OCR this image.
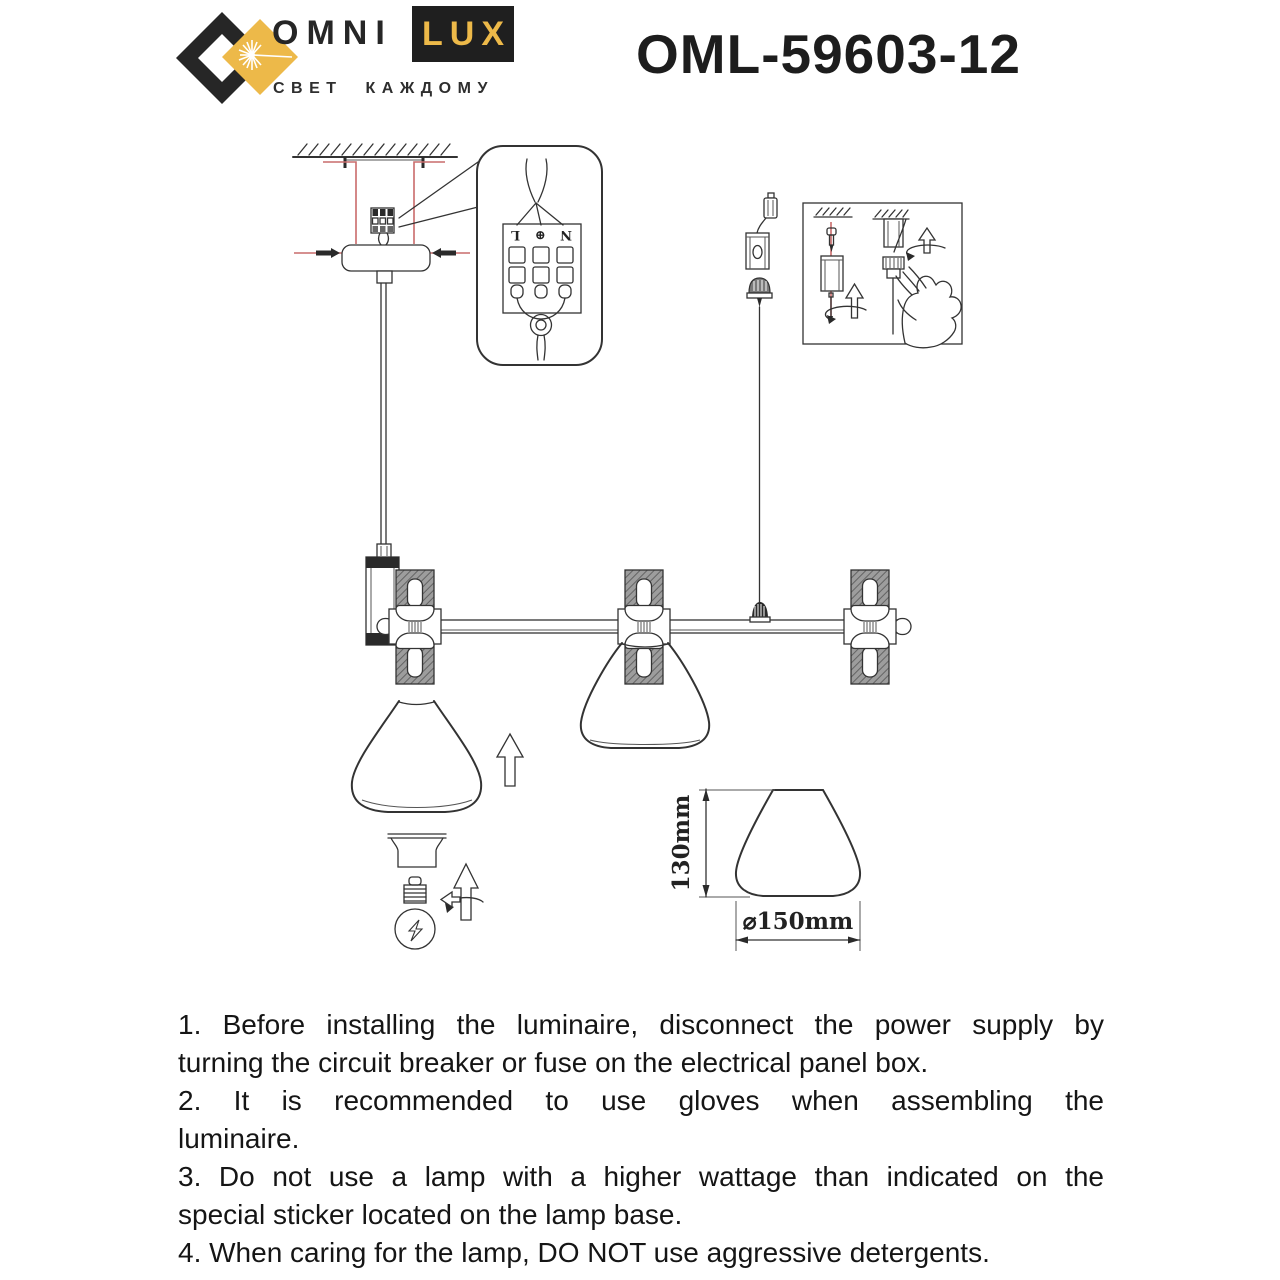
OMNI LUX
СВЕТ КАЖДОМУ
OML-59603-12
N ⊕ L
130mm
⌀150mm
1. Before installing the luminaire, disconnect the power supply by
turning the circuit breaker or fuse on the electrical panel box.
2. It is recommended to use gloves when assembling the
luminaire.
3. Do not use a lamp with a higher wattage than indicated on the
special sticker located on the lamp base.
4. When caring for the lamp, DO NOT use aggressive detergents.
